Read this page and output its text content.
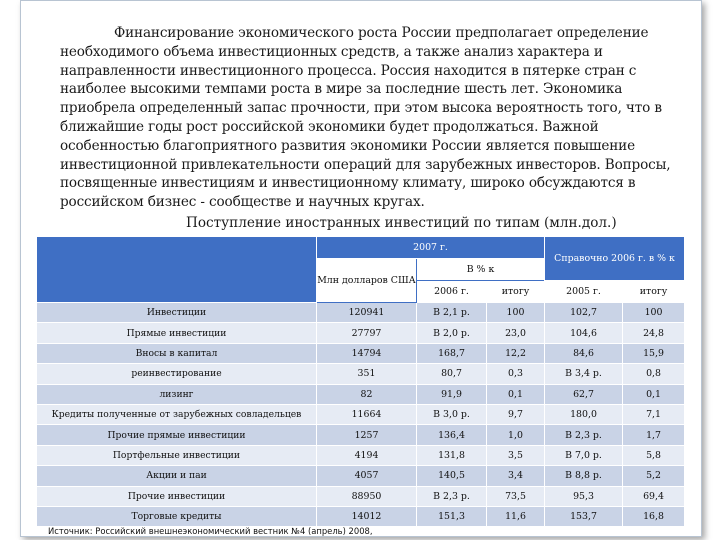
Финансирование экономического роста России предполагает определение необходимого объема инвестиционных средств, а также анализ характера и направленности инвестиционного процесса. Россия находится в пятерке стран с наиболее высокими темпами роста в мире за последние шесть лет. Экономика приобрела определенный запас прочности, при этом высока вероятность того, что в ближайшие годы рост российской экономики будет продолжаться. Важной особенностью благоприятного развития экономики России является повышение инвестиционной привлекательности операций для зарубежных инвесторов. Вопросы, посвященные инвестициям и инвестиционному климату, широко обсуждаются в российском бизнес - сообществе и научных кругах.

Поступление иностранных инвестиций по типам (млн.дол.)
	2007 г.			Справочно 2006 г. в % к	
	Млн долларов США	В % к			
		2006 г.	итогу	2005 г.	итогу
Инвестиции	120941	В 2,1 р.	100	102,7	100
Прямые инвестиции	27797	В 2,0 р.	23,0	104,6	24,8
Вносы в капитал	14794	168,7	12,2	84,6	15,9
реинвестирование	351	80,7	0,3	В 3,4 р.	0,8
лизинг	82	91,9	0,1	62,7	0,1
Кредиты полученные от зарубежных совладельцев	11664	В 3,0 р.	9,7	180,0	7,1
Прочие прямые инвестиции	1257	136,4	1,0	В 2,3 р.	1,7
Портфельные инвестиции	4194	131,8	3,5	В 7,0 р.	5,8
Акции и паи	4057	140,5	3,4	В 8,8 р.	5,2
Прочие инвестиции	88950	В 2,3 р.	73,5	95,3	69,4
Торговые кредиты	14012	151,3	11,6	153,7	16,8
Источник: Российский внешнеэкономический вестник №4 (апрель) 2008,
